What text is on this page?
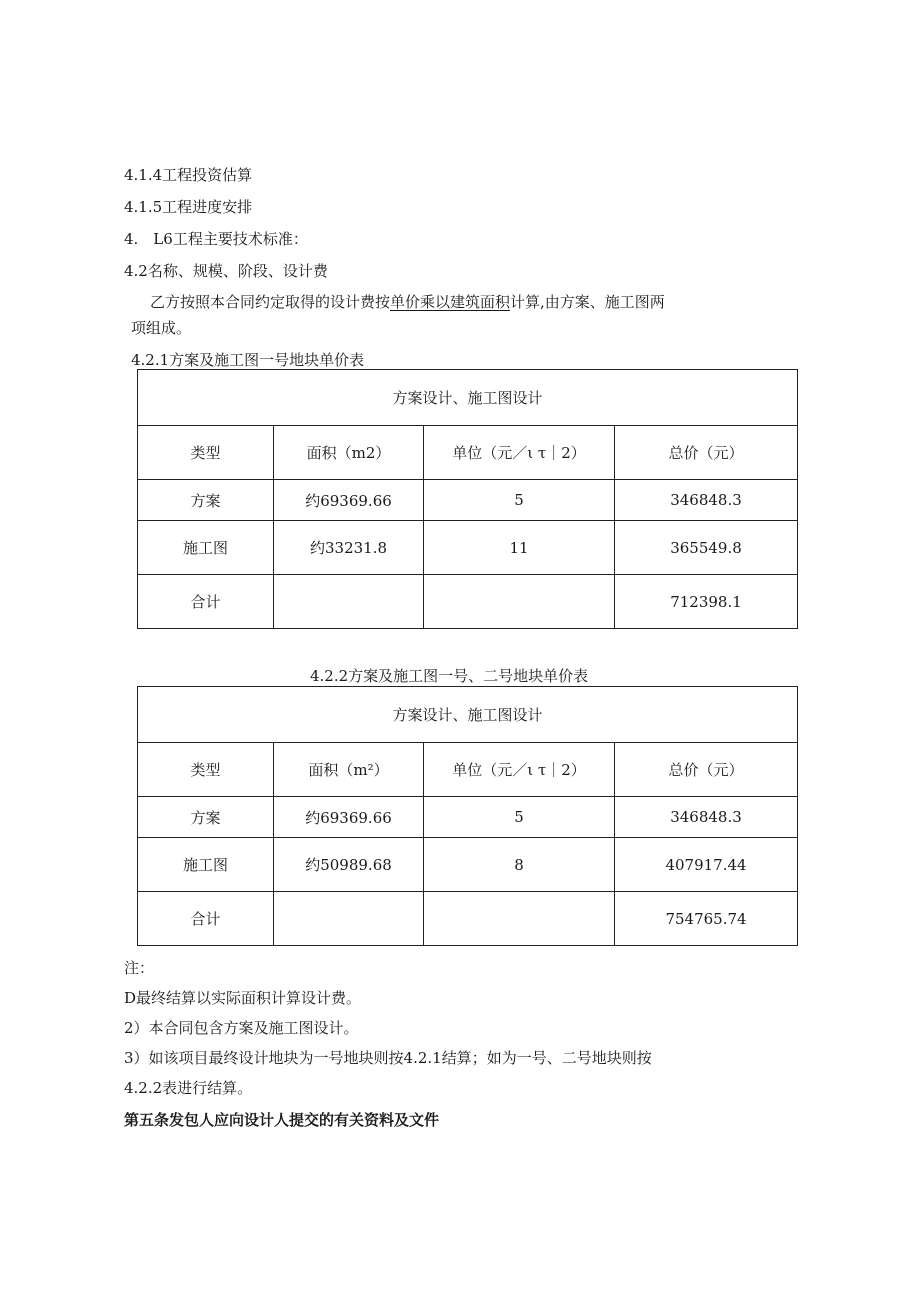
4.1.4工程投资估算
4.1.5工程进度安排
4.　L6工程主要技术标准：
4.2名称、规模、阶段、设计费
乙方按照本合同约定取得的设计费按单价乘以建筑面积计算,由方案、施工图两
项组成。
4.2.1方案及施工图一号地块单价表
方案设计、施工图设计			
类型	面积（m2）	单位（元／ι τ｜2）	总价（元）
方案	约69369.66	5	346848.3
施工图	约33231.8	11	365549.8
合计			712398.1
4.2.2方案及施工图一号、二号地块单价表
方案设计、施工图设计			
类型	面积（m²）	单位（元／ι τ｜2）	总价（元）
方案	约69369.66	5	346848.3
施工图	约50989.68	8	407917.44
合计			754765.74
注：
D最终结算以实际面积计算设计费。
2）本合同包含方案及施工图设计。
3）如该项目最终设计地块为一号地块则按4.2.1结算；如为一号、二号地块则按
4.2.2表进行结算。
第五条发包人应向设计人提交的有关资料及文件
